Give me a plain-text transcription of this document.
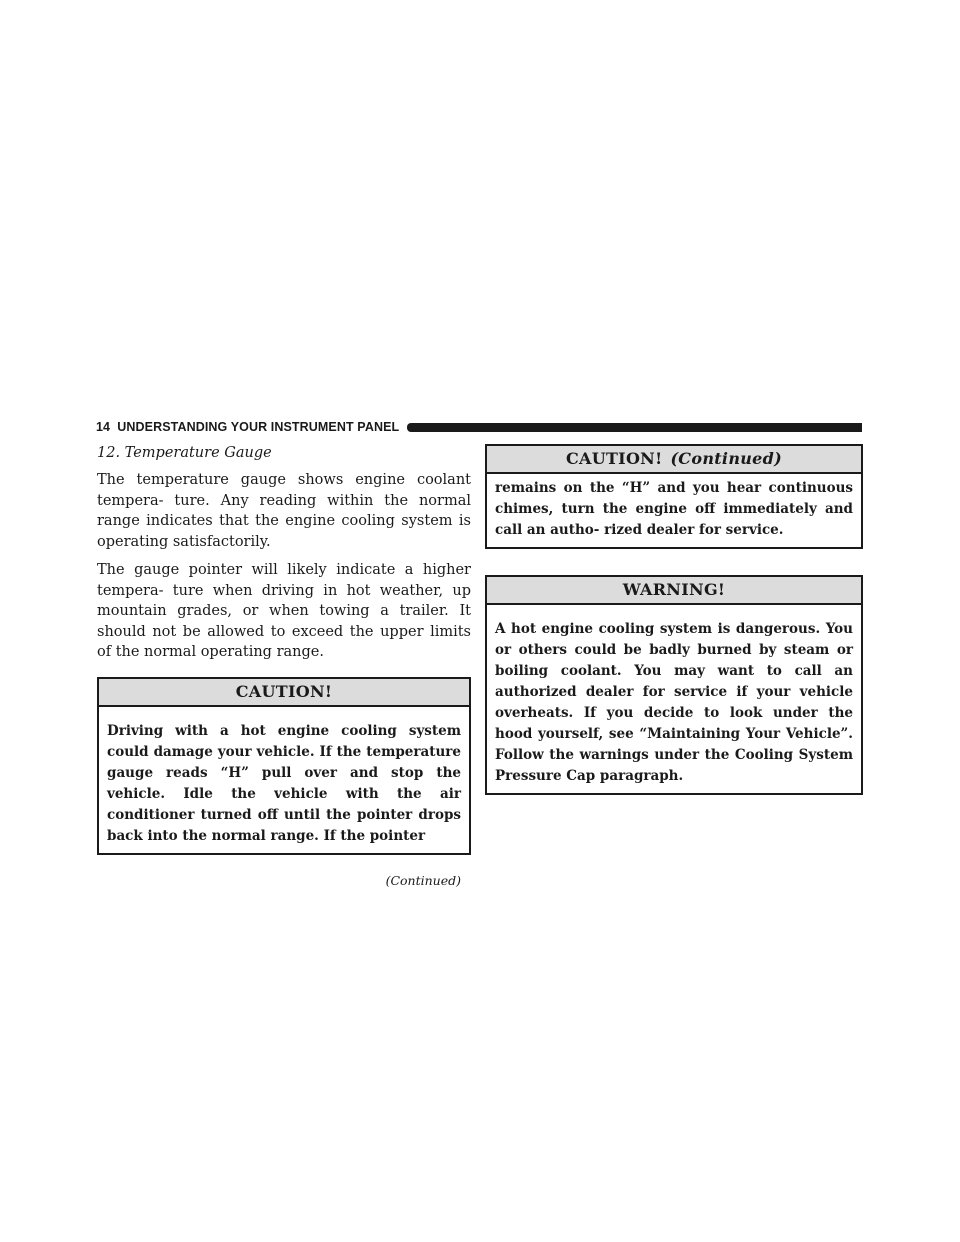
14 UNDERSTANDING YOUR INSTRUMENT PANEL

12. Temperature Gauge

The temperature gauge shows engine coolant tempera- ture. Any reading within the normal range indicates that the engine cooling system is operating satisfactorily.

The gauge pointer will likely indicate a higher tempera- ture when driving in hot weather, up mountain grades, or when towing a trailer. It should not be allowed to exceed the upper limits of the normal operating range.

CAUTION!
Driving with a hot engine cooling system could damage your vehicle. If the temperature gauge reads “H” pull over and stop the vehicle. Idle the vehicle with the air conditioner turned off until the pointer drops back into the normal range. If the pointer
(Continued)
CAUTION! (Continued)
remains on the “H” and you hear continuous chimes, turn the engine off immediately and call an autho- rized dealer for service.
WARNING!
A hot engine cooling system is dangerous. You or others could be badly burned by steam or boiling coolant. You may want to call an authorized dealer for service if your vehicle overheats. If you decide to look under the hood yourself, see “Maintaining Your Vehicle”. Follow the warnings under the Cooling System Pressure Cap paragraph.
